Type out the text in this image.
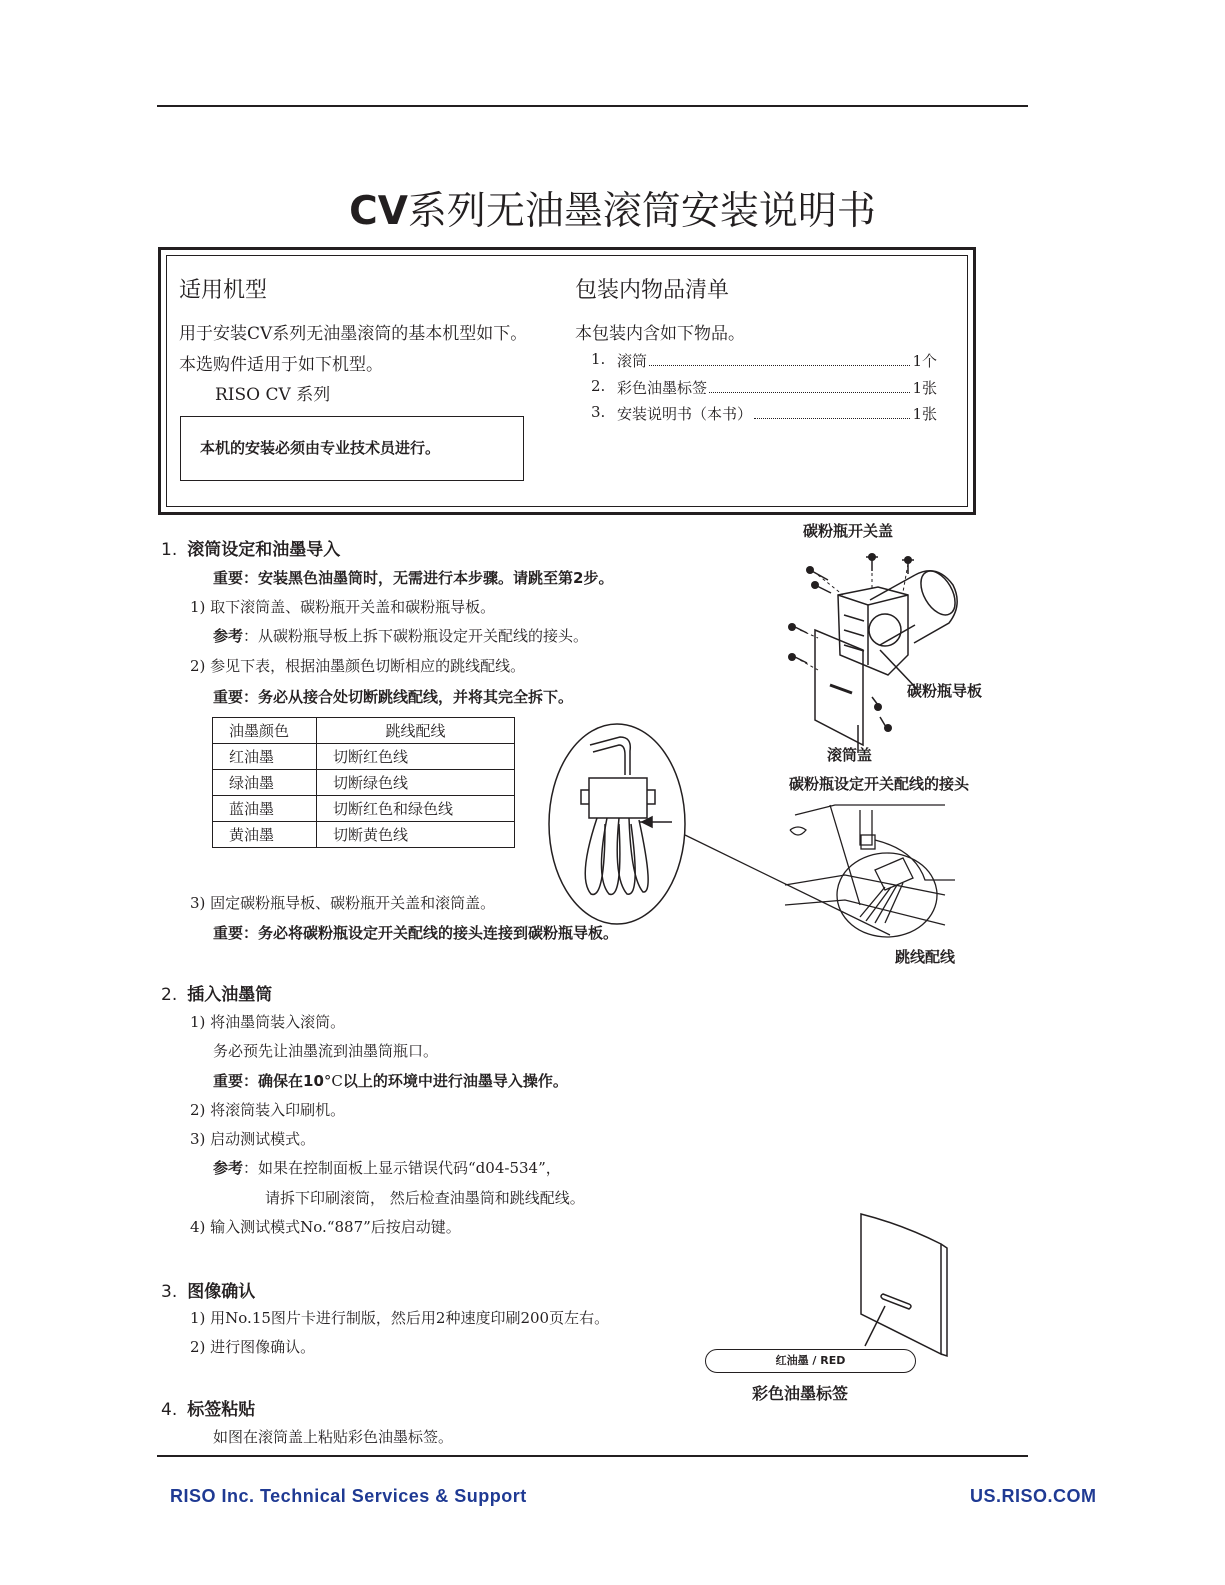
CV系列无油墨滚筒安装说明书
适用机型
用于安装CV系列无油墨滚筒的基本机型如下。
本选购件适用于如下机型。
RISO CV 系列
本机的安装必须由专业技术员进行。
包装内物品清单
本包装内含如下物品。
1. 滚筒	1个
2. 彩色油墨标签	1张
3. 安装说明书（本书）	1张
1. 滚筒设定和油墨导入
重要：安装黑色油墨筒时，无需进行本步骤。请跳至第2步。
1) 取下滚筒盖、碳粉瓶开关盖和碳粉瓶导板。
参考：从碳粉瓶导板上拆下碳粉瓶设定开关配线的接头。
2) 参见下表，根据油墨颜色切断相应的跳线配线。
重要：务必从接合处切断跳线配线，并将其完全拆下。
油墨颜色	跳线配线
红油墨	切断红色线
绿油墨	切断绿色线
蓝油墨	切断红色和绿色线
黄油墨	切断黄色线
3) 固定碳粉瓶导板、碳粉瓶开关盖和滚筒盖。
重要：务必将碳粉瓶设定开关配线的接头连接到碳粉瓶导板。
2. 插入油墨筒
1) 将油墨筒装入滚筒。
务必预先让油墨流到油墨筒瓶口。
重要：确保在10°C以上的环境中进行油墨导入操作。
2) 将滚筒装入印刷机。
3) 启动测试模式。
参考：如果在控制面板上显示错误代码“d04-534”，
请拆下印刷滚筒， 然后检查油墨筒和跳线配线。
4) 输入测试模式No.“887”后按启动键。
3. 图像确认
1) 用No.15图片卡进行制版，然后用2种速度印刷200页左右。
2) 进行图像确认。
4. 标签粘贴
如图在滚筒盖上粘贴彩色油墨标签。
碳粉瓶开关盖
碳粉瓶导板
滚筒盖
碳粉瓶设定开关配线的接头
跳线配线
红油墨 / RED
彩色油墨标签
RISO Inc. Technical Services & Support	US.RISO.COM
